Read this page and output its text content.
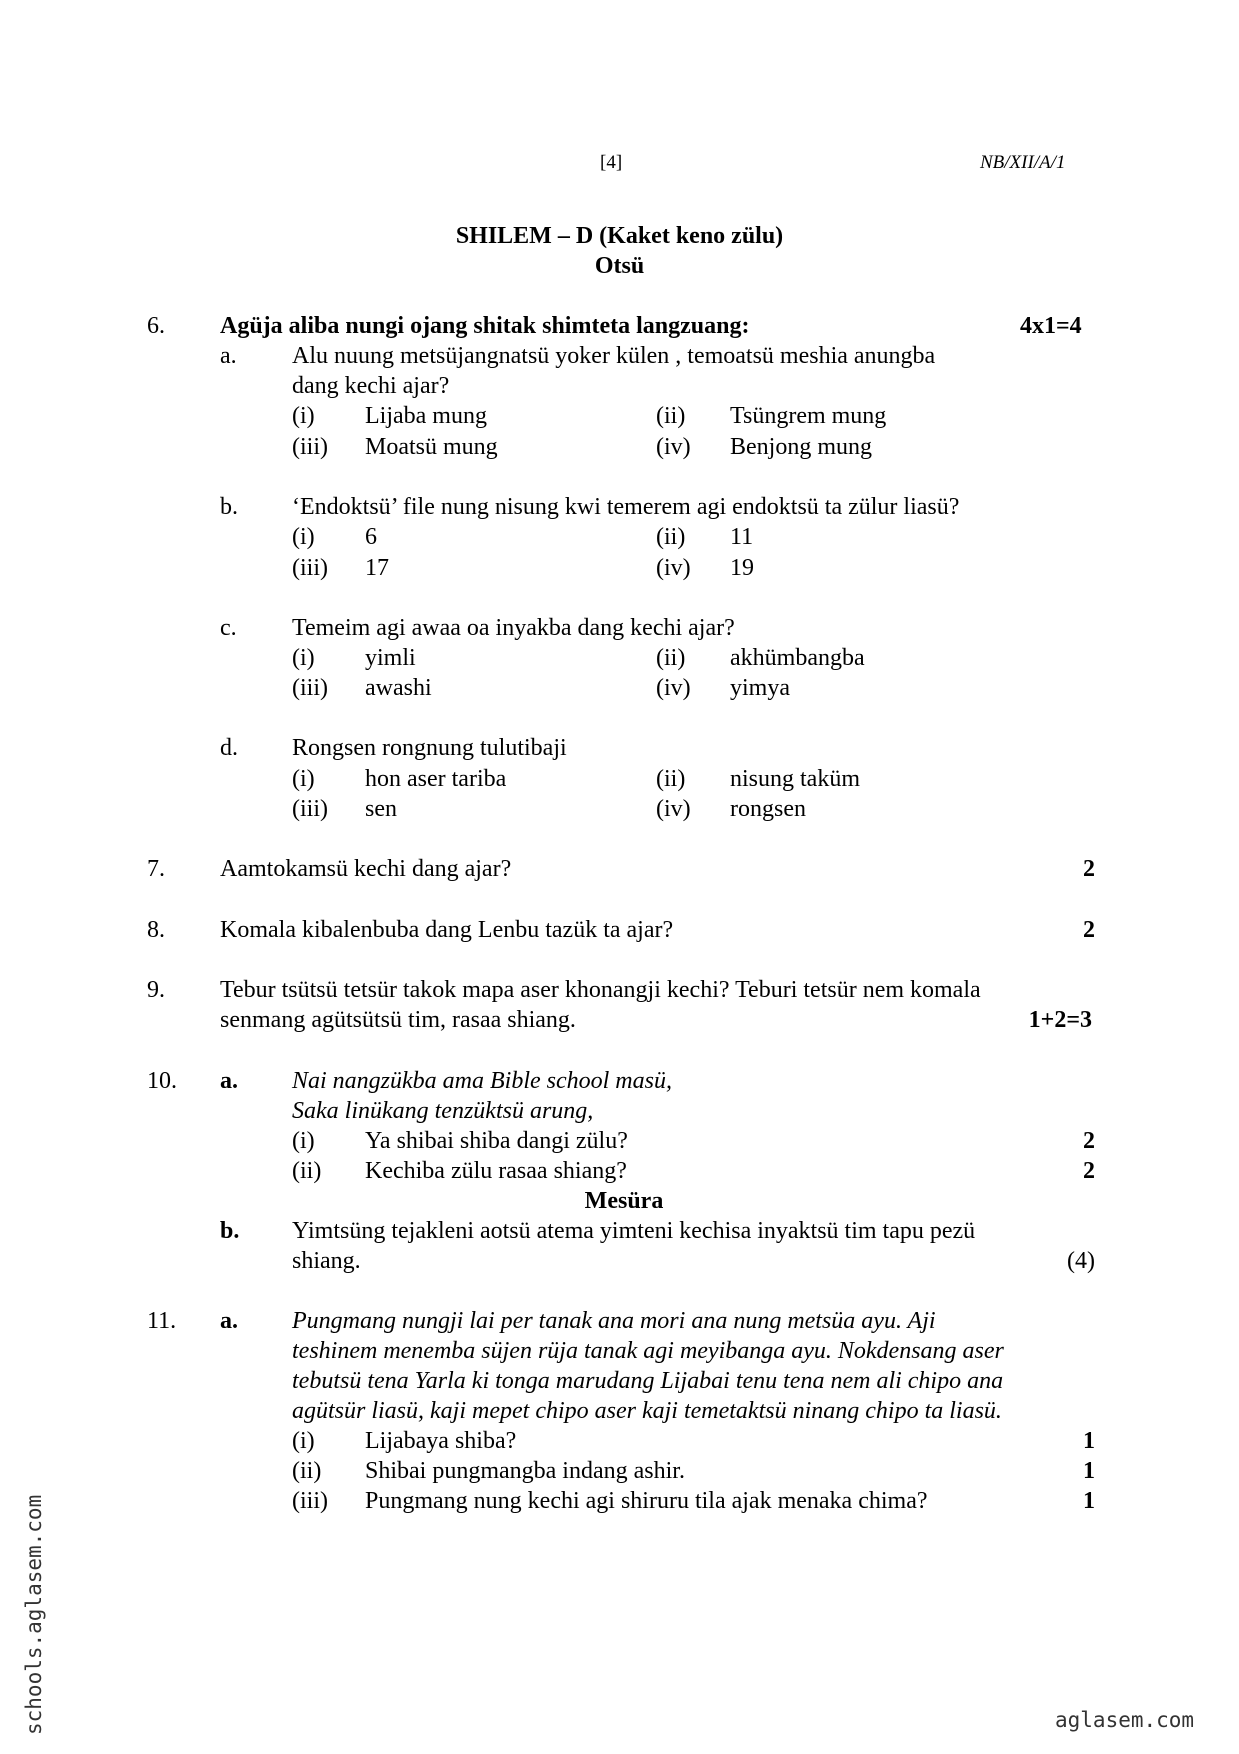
[4]	NB/XII/A/1
SHILEM – D (Kaket keno zülu)
Otsü
6. Agüja aliba nungi ojang shitak shimteta langzuang:	4x1=4
a. Alu nuung metsüjangnatsü yoker külen , temoatsü meshia anungba
dang kechi ajar?
(i) Lijaba mung	(ii) Tsüngrem mung
(iii) Moatsü mung	(iv) Benjong mung
b. ‘Endoktsü’ file nung nisung kwi temerem agi endoktsü ta zülur liasü?
(i) 6	(ii) 11
(iii) 17	(iv) 19
c. Temeim agi awaa oa inyakba dang kechi ajar?
(i) yimli	(ii) akhümbangba
(iii) awashi	(iv) yimya
d. Rongsen rongnung tulutibaji
(i) hon aser tariba	(ii) nisung taküm
(iii) sen	(iv) rongsen
7. Aamtokamsü kechi dang ajar?	2
8. Komala kibalenbuba dang Lenbu tazük ta ajar?	2
9. Tebur tsütsü tetsür takok mapa aser khonangji kechi? Teburi tetsür nem komala
senmang agütsütsü tim, rasaa shiang.	1+2=3
10. a. Nai nangzükba ama Bible school masü,
Saka linükang tenzüktsü arung,
(i) Ya shibai shiba dangi zülu?	2
(ii) Kechiba zülu rasaa shiang?	2
Mesüra
b. Yimtsüng tejakleni aotsü atema yimteni kechisa inyaktsü tim tapu pezü
shiang.	(4)
11. a. Pungmang nungji lai per tanak ana mori ana nung metsüa ayu. Aji
teshinem menemba süjen rüja tanak agi meyibanga ayu. Nokdensang aser
tebutsü tena Yarla ki tonga marudang Lijabai tenu tena nem ali chipo ana
agütsür liasü, kaji mepet chipo aser kaji temetaktsü ninang chipo ta liasü.
(i) Lijabaya shiba?	1
(ii) Shibai pungmangba indang ashir.	1
(iii) Pungmang nung kechi agi shiruru tila ajak menaka chima?	1
schools.aglasem.com	aglasem.com
